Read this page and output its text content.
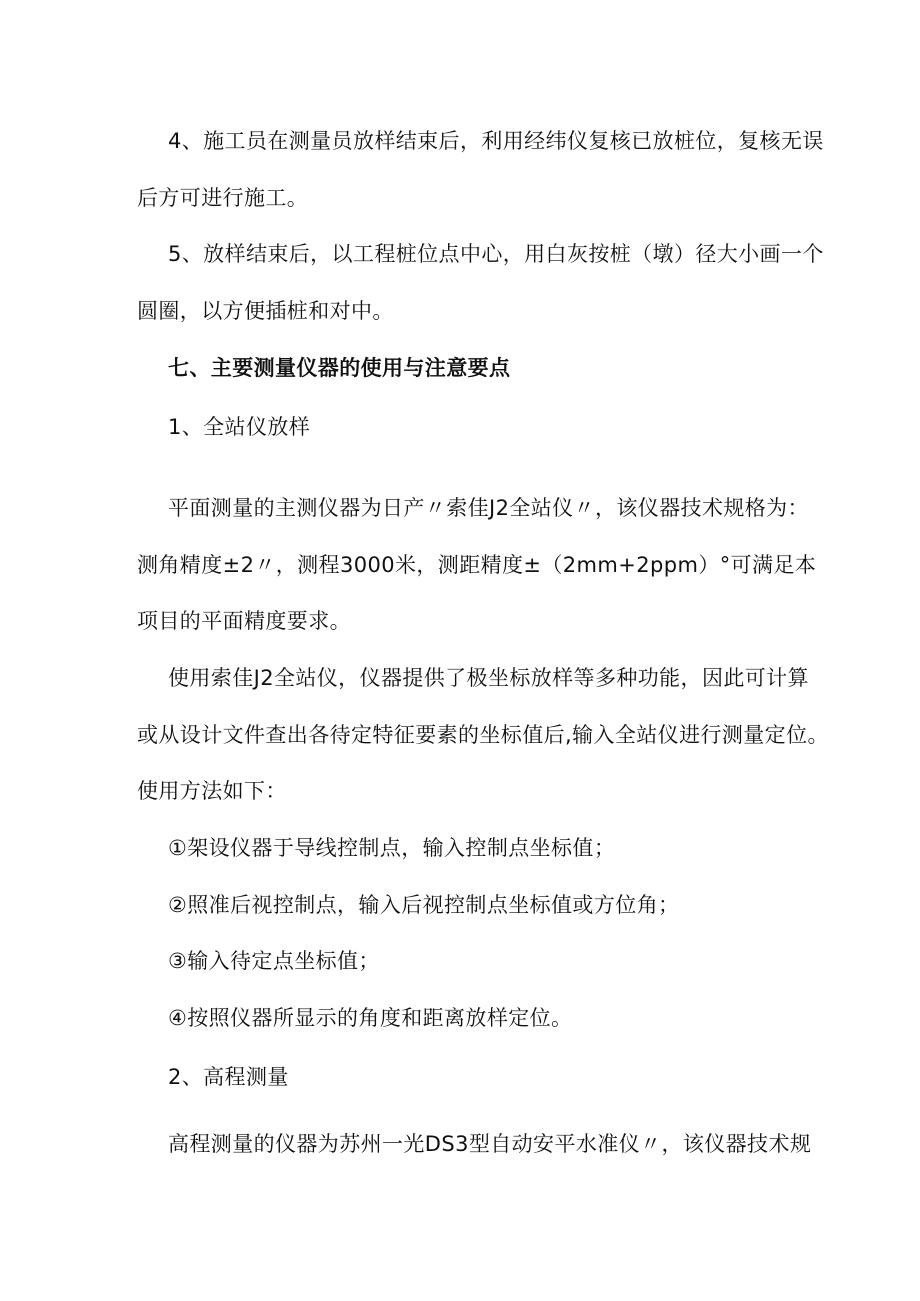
4、施工员在测量员放样结束后，利用经纬仪复核已放桩位，复核无误
后方可进行施工。
5、放样结束后，以工程桩位点中心，用白灰按桩（墩）径大小画一个
圆圈，以方便插桩和对中。
七、主要测量仪器的使用与注意要点
1、全站仪放样
平面测量的主测仪器为日产〃索佳J2全站仪〃，该仪器技术规格为：
测角精度±2〃，测程3000米，测距精度±（2mm+2ppm）°可满足本
项目的平面精度要求。
使用索佳J2全站仪，仪器提供了极坐标放样等多种功能，因此可计算
或从设计文件查出各待定特征要素的坐标值后,输入全站仪进行测量定位。
使用方法如下：
①架设仪器于导线控制点，输入控制点坐标值；
②照准后视控制点，输入后视控制点坐标值或方位角；
③输入待定点坐标值；
④按照仪器所显示的角度和距离放样定位。
2、高程测量
高程测量的仪器为苏州一光DS3型自动安平水准仪〃，该仪器技术规
